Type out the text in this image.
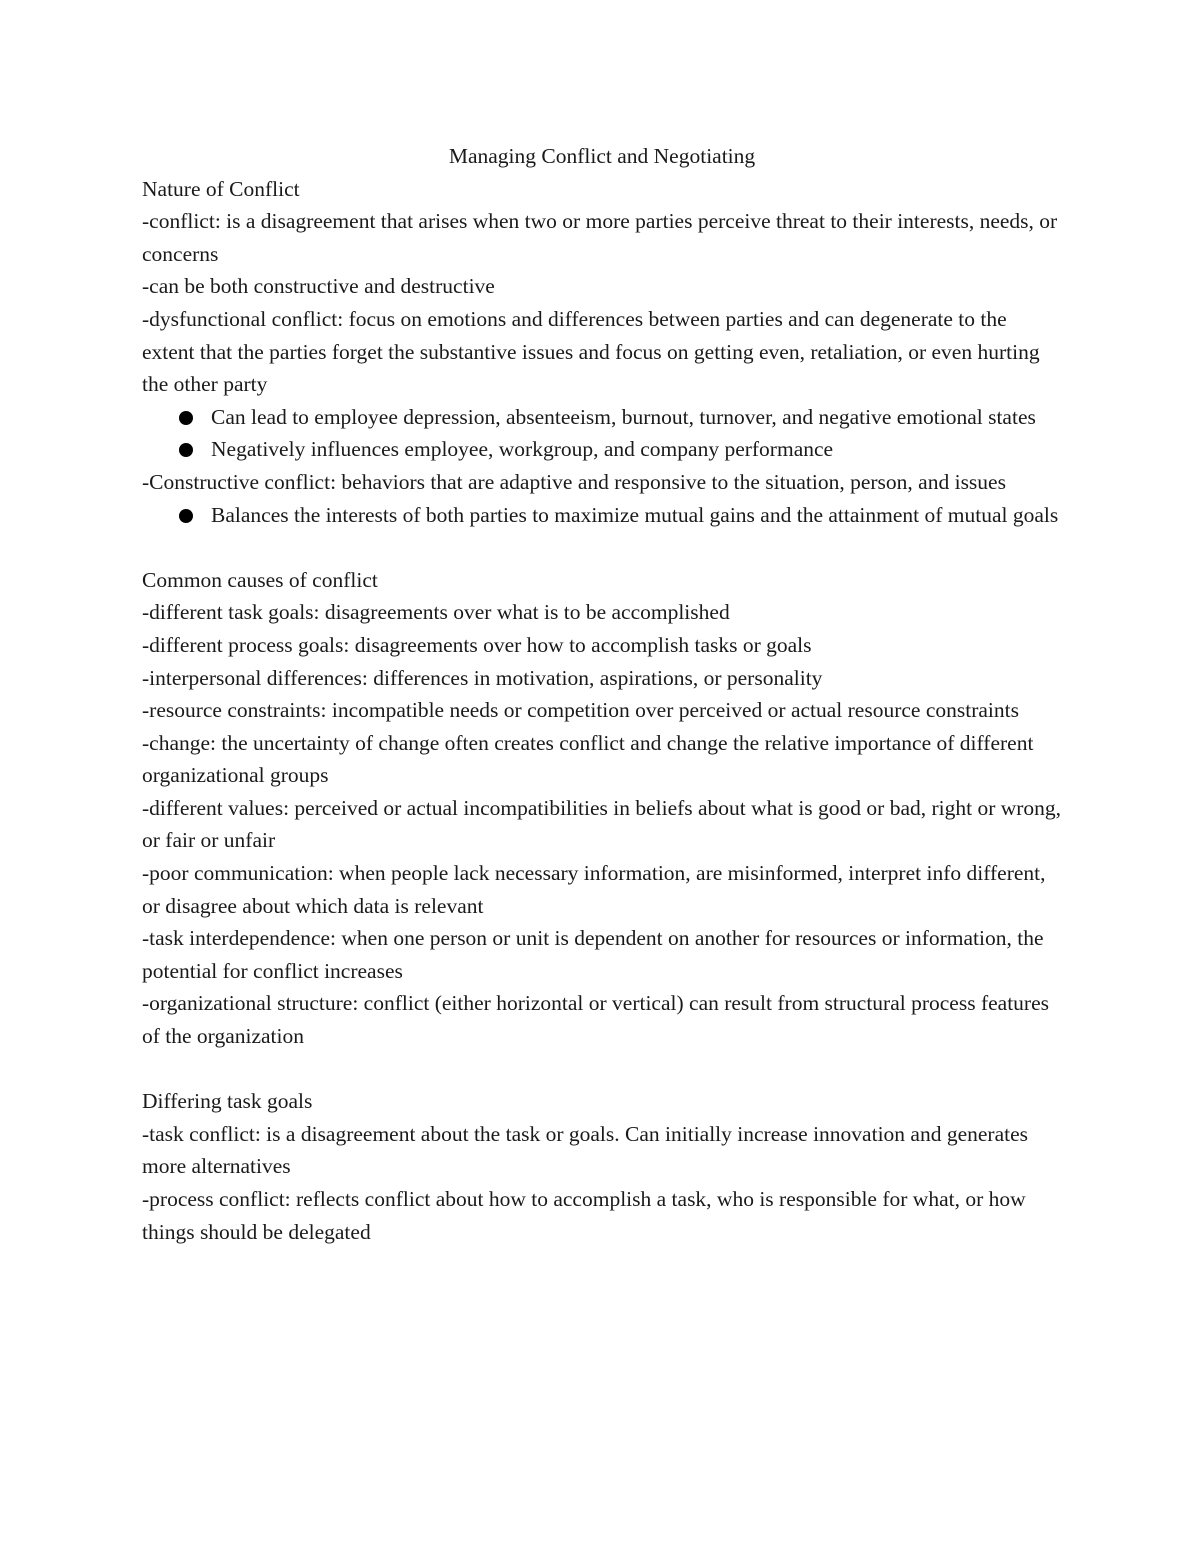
Managing Conflict and Negotiating
Nature of Conflict

-conflict: is a disagreement that arises when two or more parties perceive threat to their interests, needs, or concerns

-can be both constructive and destructive

-dysfunctional conflict: focus on emotions and differences between parties and can degenerate to the extent that the parties forget the substantive issues and focus on getting even, retaliation, or even hurting the other party

Can lead to employee depression, absenteeism, burnout, turnover, and negative emotional states
Negatively influences employee, workgroup, and company performance

-Constructive conflict: behaviors that are adaptive and responsive to the situation, person, and issues

Balances the interests of both parties to maximize mutual gains and the attainment of mutual goals
Common causes of conflict

-different task goals: disagreements over what is to be accomplished

-different process goals: disagreements over how to accomplish tasks or goals

-interpersonal differences: differences in motivation, aspirations, or personality

-resource constraints: incompatible needs or competition over perceived or actual resource constraints

-change: the uncertainty of change often creates conflict and change the relative importance of different organizational groups

-different values: perceived or actual incompatibilities in beliefs about what is good or bad, right or wrong, or fair or unfair

-poor communication: when people lack necessary information, are misinformed, interpret info different, or disagree about which data is relevant

-task interdependence: when one person or unit is dependent on another for resources or information, the potential for conflict increases

-organizational structure: conflict (either horizontal or vertical) can result from structural process features of the organization

Differing task goals

-task conflict: is a disagreement about the task or goals. Can initially increase innovation and generates more alternatives

-process conflict: reflects conflict about how to accomplish a task, who is responsible for what, or how things should be delegated
